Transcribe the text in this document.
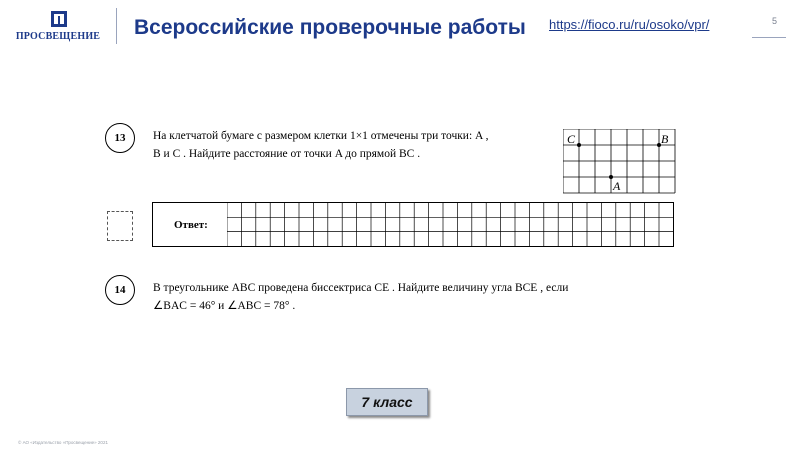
ПРОСВЕЩЕНИЕ Всероссийские проверочные работы https://fioco.ru/ru/osoko/vpr/	5
13	На клетчатой бумаге с размером клетки 1×1 отмечены три точки: A ,
B и C . Найдите расстояние от точки A до прямой BC .
C	B
A
Ответ:
14	В треугольнике ABC проведена биссектриса CE . Найдите величину угла BCE , если
∠BAC = 46° и ∠ABC = 78° .
7 класс
© АО «Издательство «Просвещение» 2021
